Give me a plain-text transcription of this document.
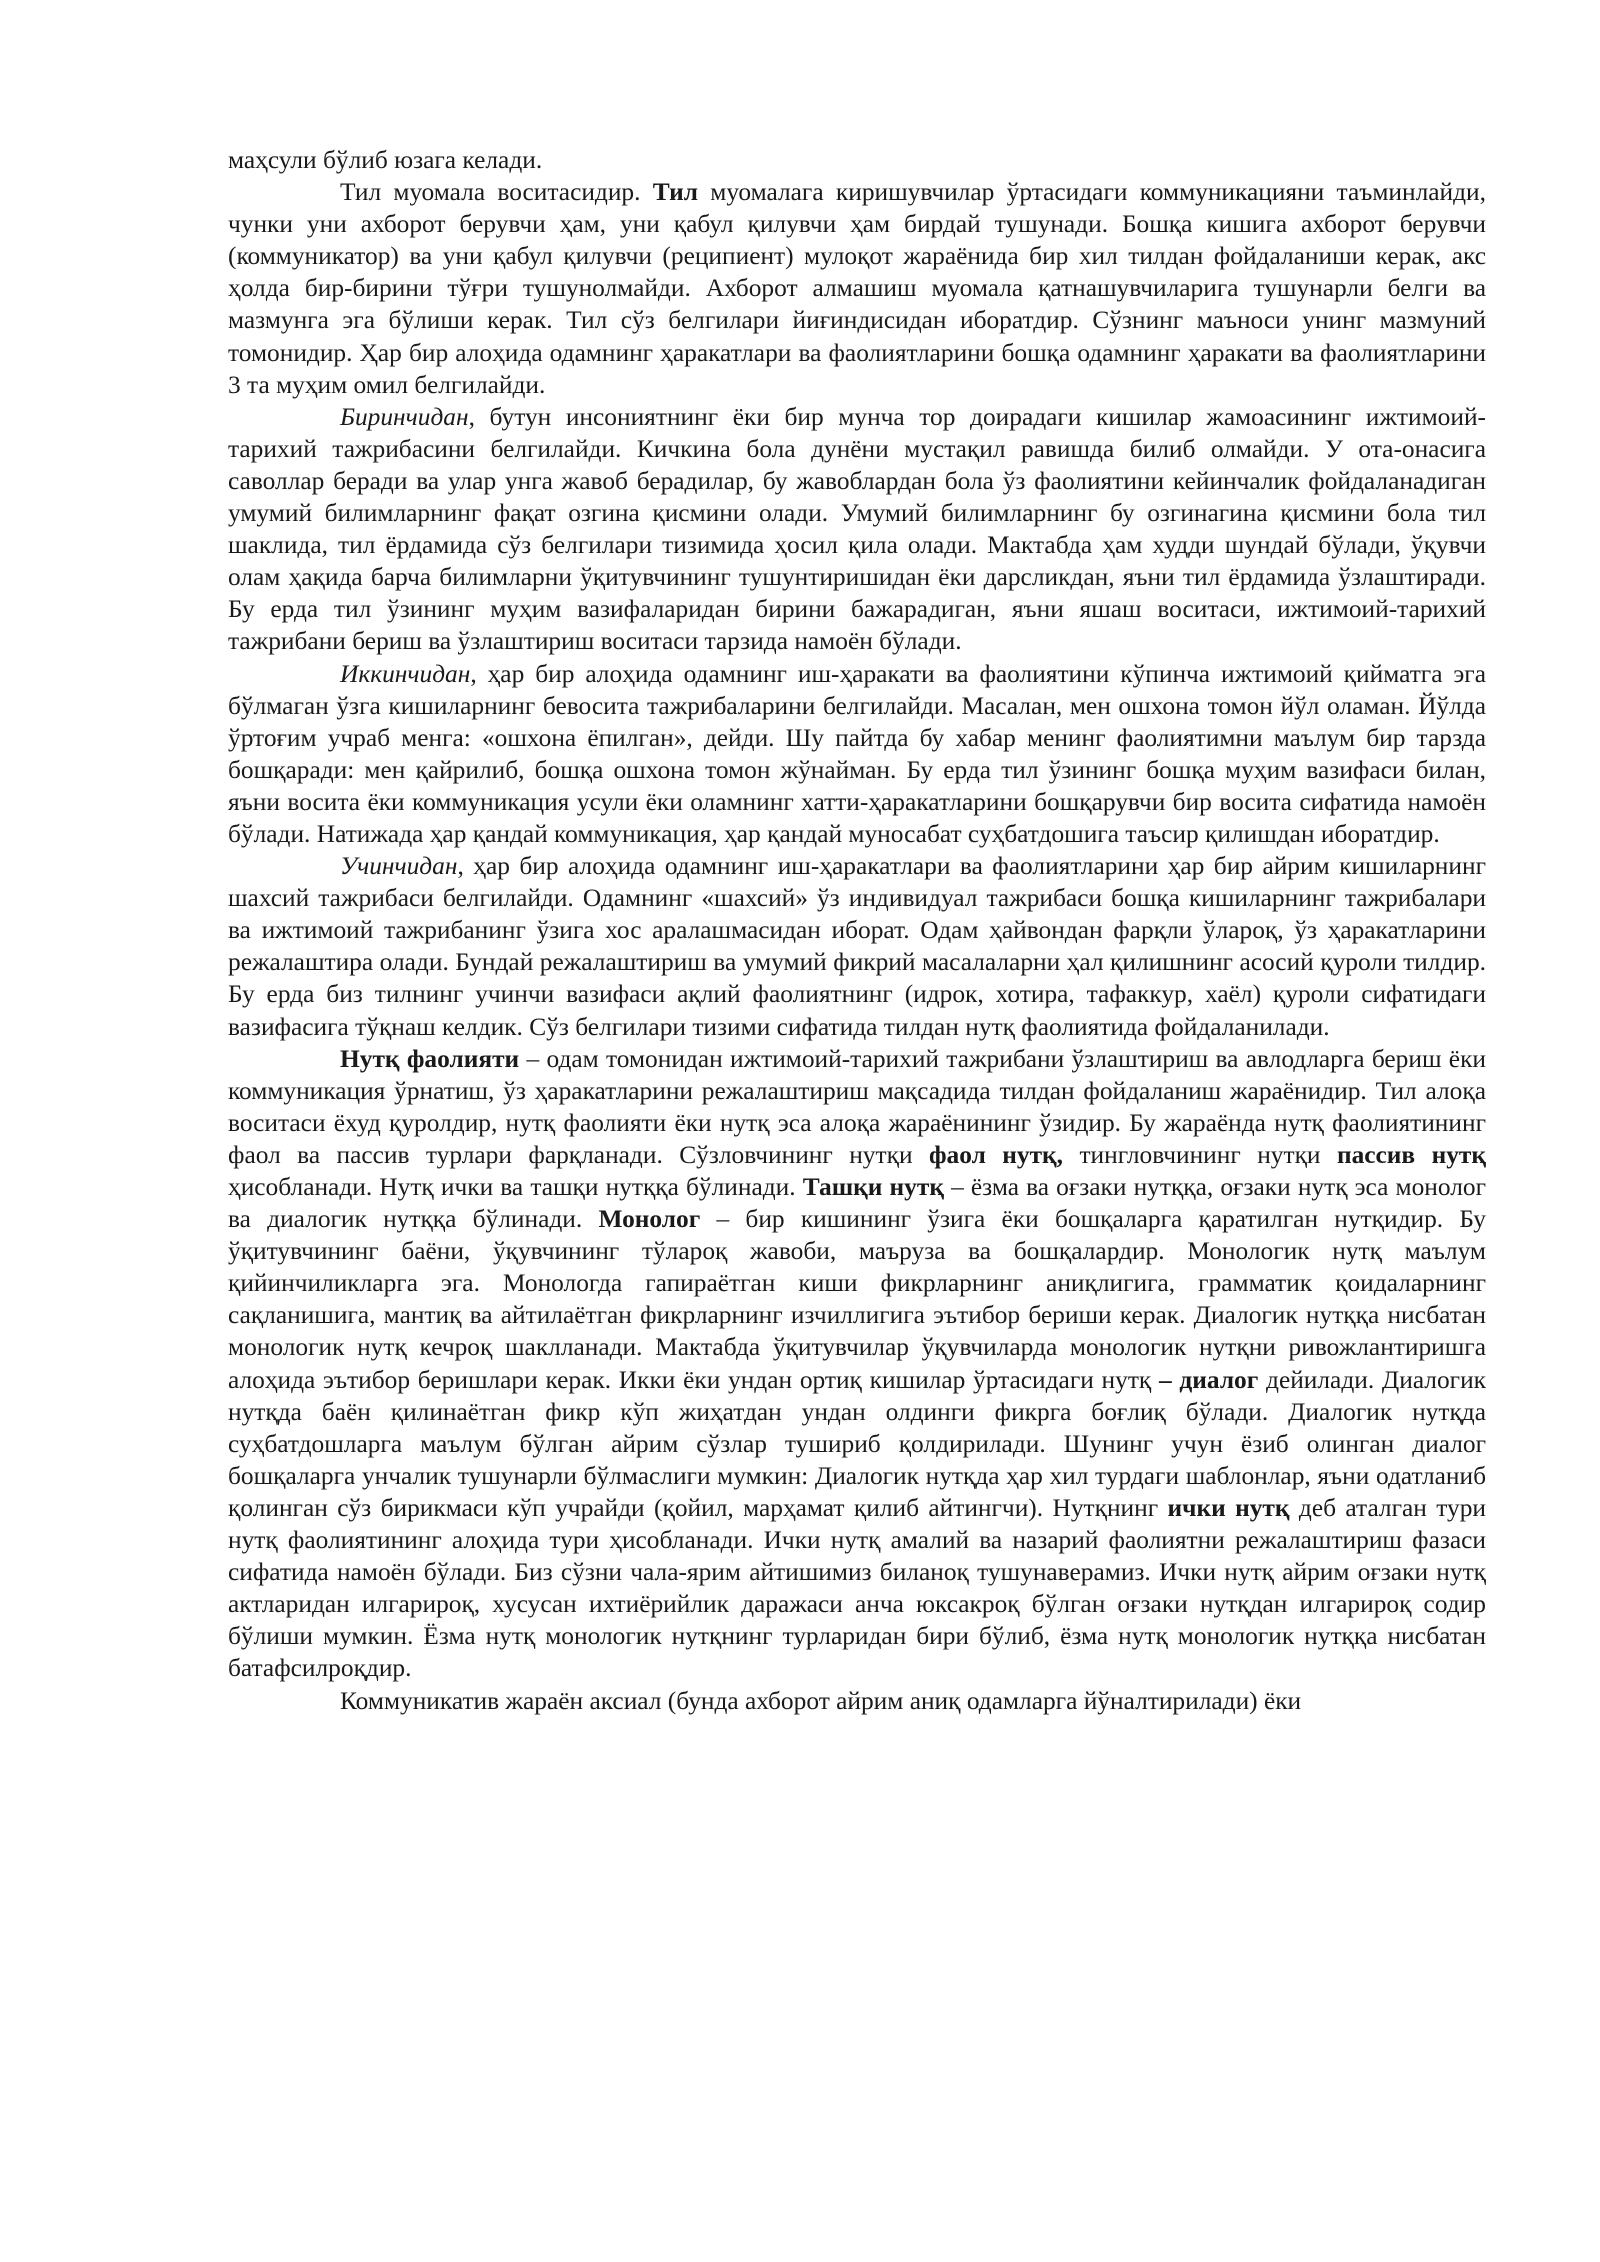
маҳсули бўлиб юзага келади.

Тил муомала воситасидир. Тил муомалага киришувчилар ўртасидаги коммуникацияни таъминлайди, чунки уни ахборот берувчи ҳам, уни қабул қилувчи ҳам бирдай тушунади. Бошқа кишига ахборот берувчи (коммуникатор) ва уни қабул қилувчи (реципиент) мулоқот жараёнида бир хил тилдан фойдаланиши керак, акс ҳолда бир-бирини тўғри тушунолмайди. Ахборот алмашиш муомала қатнашувчиларига тушунарли белги ва мазмунга эга бўлиши керак. Тил сўз белгилари йиғиндисидан иборатдир. Сўзнинг маъноси унинг мазмуний томонидир. Ҳар бир алоҳида одамнинг ҳаракатлари ва фаолиятларини бошқа одамнинг ҳаракати ва фаолиятларини 3 та муҳим омил белгилайди.

Биринчидан, бутун инсониятнинг ёки бир мунча тор доирадаги кишилар жамоасининг ижтимоий-тарихий тажрибасини белгилайди. Кичкина бола дунёни мустақил равишда билиб олмайди. У ота-онасига саволлар беради ва улар унга жавоб берадилар, бу жавоблардан бола ўз фаолиятини кейинчалик фойдаланадиган умумий билимларнинг фақат озгина қисмини олади. Умумий билимларнинг бу озгинагина қисмини бола тил шаклида, тил ёрдамида сўз белгилари тизимида ҳосил қила олади. Мактабда ҳам худди шундай бўлади, ўқувчи олам ҳақида барча билимларни ўқитувчининг тушунтиришидан ёки дарсликдан, яъни тил ёрдамида ўзлаштиради. Бу ерда тил ўзининг муҳим вазифаларидан бирини бажарадиган, яъни яшаш воситаси, ижтимоий-тарихий тажрибани бериш ва ўзлаштириш воситаси тарзида намоён бўлади.

Иккинчидан, ҳар бир алоҳида одамнинг иш-ҳаракати ва фаолиятини кўпинча ижтимоий қийматга эга бўлмаган ўзга кишиларнинг бевосита тажрибаларини белгилайди. Масалан, мен ошхона томон йўл оламан. Йўлда ўртоғим учраб менга: «ошхона ёпилган», дейди. Шу пайтда бу хабар менинг фаолиятимни маълум бир тарзда бошқаради: мен қайрилиб, бошқа ошхона томон жўнайман. Бу ерда тил ўзининг бошқа муҳим вазифаси билан, яъни восита ёки коммуникация усули ёки оламнинг хатти-ҳаракатларини бошқарувчи бир восита сифатида намоён бўлади. Натижада ҳар қандай коммуникация, ҳар қандай муносабат суҳбатдошига таъсир қилишдан иборатдир.

Учинчидан, ҳар бир алоҳида одамнинг иш-ҳаракатлари ва фаолиятларини ҳар бир айрим кишиларнинг шахсий тажрибаси белгилайди. Одамнинг «шахсий» ўз индивидуал тажрибаси бошқа кишиларнинг тажрибалари ва ижтимоий тажрибанинг ўзига хос аралашмасидан иборат. Одам ҳайвондан фарқли ўлароқ, ўз ҳаракатларини режалаштира олади. Бундай режалаштириш ва умумий фикрий масалаларни ҳал қилишнинг асосий қуроли тилдир. Бу ерда биз тилнинг учинчи вазифаси ақлий фаолиятнинг (идрок, хотира, тафаккур, хаёл) қуроли сифатидаги вазифасига тўқнаш келдик. Сўз белгилари тизими сифатида тилдан нутқ фаолиятида фойдаланилади.

Нутқ фаолияти – одам томонидан ижтимоий-тарихий тажрибани ўзлаштириш ва авлодларга бериш ёки коммуникация ўрнатиш, ўз ҳаракатларини режалаштириш мақсадида тилдан фойдаланиш жараёнидир. Тил алоқа воситаси ёхуд қуролдир, нутқ фаолияти ёки нутқ эса алоқа жараёнининг ўзидир. Бу жараёнда нутқ фаолиятининг фаол ва пассив турлари фарқланади. Сўзловчининг нутқи фаол нутқ, тингловчининг нутқи пассив нутқ ҳисобланади. Нутқ ички ва ташқи нутққа бўлинади. Ташқи нутқ – ёзма ва оғзаки нутққа, оғзаки нутқ эса монолог ва диалогик нутққа бўлинади. Монолог – бир кишининг ўзига ёки бошқаларга қаратилган нутқидир. Бу ўқитувчининг баёни, ўқувчининг тўлароқ жавоби, маъруза ва бошқалардир. Монологик нутқ маълум қийинчиликларга эга. Монологда гапираётган киши фикрларнинг аниқлигига, грамматик қоидаларнинг сақланишига, мантиқ ва айтилаётган фикрларнинг изчиллигига эътибор бериши керак. Диалогик нутққа нисбатан монологик нутқ кечроқ шаклланади. Мактабда ўқитувчилар ўқувчиларда монологик нутқни ривожлантиришга алоҳида эътибор беришлари керак. Икки ёки ундан ортиқ кишилар ўртасидаги нутқ – диалог дейилади. Диалогик нутқда баён қилинаётган фикр кўп жиҳатдан ундан олдинги фикрга боғлиқ бўлади. Диалогик нутқда суҳбатдошларга маълум бўлган айрим сўзлар тушириб қолдирилади. Шунинг учун ёзиб олинган диалог бошқаларга унчалик тушунарли бўлмаслиги мумкин: Диалогик нутқда ҳар хил турдаги шаблонлар, яъни одатланиб қолинган сўз бирикмаси кўп учрайди (қойил, марҳамат қилиб айтингчи). Нутқнинг ички нутқ деб аталган тури нутқ фаолиятининг алоҳида тури ҳисобланади. Ички нутқ амалий ва назарий фаолиятни режалаштириш фазаси сифатида намоён бўлади. Биз сўзни чала-ярим айтишимиз биланоқ тушунаверамиз. Ички нутқ айрим оғзаки нутқ актларидан илгарироқ, хусусан ихтиёрийлик даражаси анча юксакроқ бўлган оғзаки нутқдан илгарироқ содир бўлиши мумкин. Ёзма нутқ монологик нутқнинг турларидан бири бўлиб, ёзма нутқ монологик нутққа нисбатан батафсилроқдир.

Коммуникатив жараён аксиал (бунда ахборот айрим аниқ одамларга йўналтирилади) ёки
